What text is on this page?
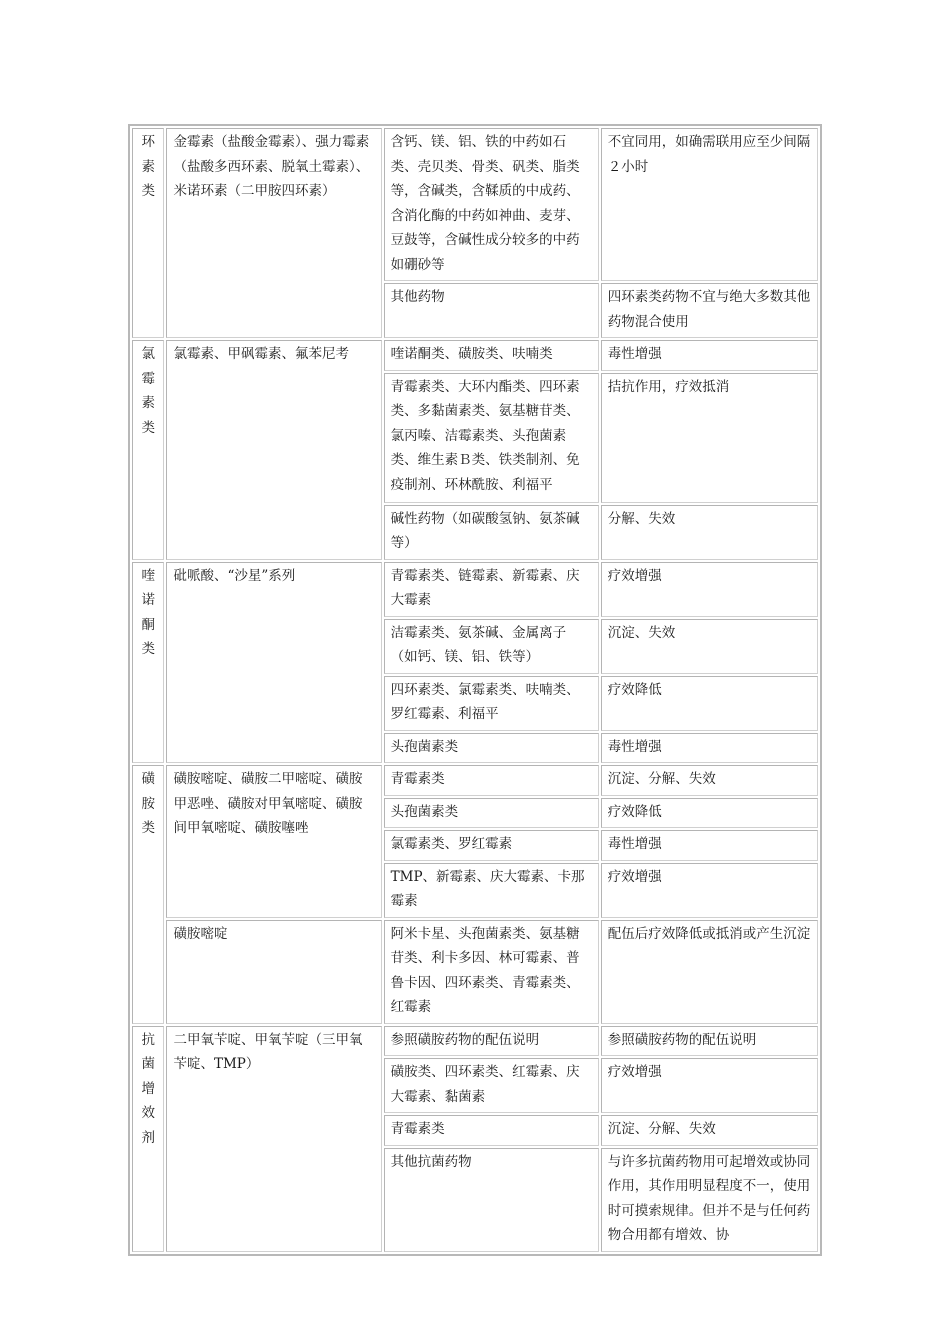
环
素
类	金霉素（盐酸金霉素）、强力霉素（盐酸多西环素、脱氧土霉素）、米诺环素（二甲胺四环素）	含钙、镁、铝、铁的中药如石类、壳贝类、骨类、矾类、脂类等，含碱类，含鞣质的中成药、含消化酶的中药如神曲、麦芽、豆鼓等，含碱性成分较多的中药如硼砂等	不宜同用，如确需联用应至少间隔２小时
		其他药物	四环素类药物不宜与绝大多数其他药物混合使用

氯
霉
素
类	氯霉素、甲砜霉素、氟苯尼考	喹诺酮类、磺胺类、呋喃类	毒性增强
		青霉素类、大环内酯类、四环素类、多黏菌素类、氨基糖苷类、氯丙嗪、洁霉素类、头孢菌素类、维生素Ｂ类、铁类制剂、免疫制剂、环林酰胺、利福平	拮抗作用，疗效抵消
		碱性药物（如碳酸氢钠、氨茶碱等）	分解、失效

喹
诺
酮
类	砒哌酸、“沙星”系列	青霉素类、链霉素、新霉素、庆大霉素	疗效增强
		洁霉素类、氨茶碱、金属离子（如钙、镁、铝、铁等）	沉淀、失效
		四环素类、氯霉素类、呋喃类、罗红霉素、利福平	疗效降低
		头孢菌素类	毒性增强

磺
胺
类	磺胺嘧啶、磺胺二甲嘧啶、磺胺甲恶唑、磺胺对甲氧嘧啶、磺胺间甲氧嘧啶、磺胺噻唑	青霉素类	沉淀、分解、失效
		头孢菌素类	疗效降低
		氯霉素类、罗红霉素	毒性增强
		TMP、新霉素、庆大霉素、卡那霉素	疗效增强
	磺胺嘧啶	阿米卡星、头孢菌素类、氨基糖苷类、利卡多因、林可霉素、普鲁卡因、四环素类、青霉素类、红霉素	配伍后疗效降低或抵消或产生沉淀

抗
菌
增
效
剂	二甲氧苄啶、甲氧苄啶（三甲氧苄啶、TMP）	参照磺胺药物的配伍说明	参照磺胺药物的配伍说明
		磺胺类、四环素类、红霉素、庆大霉素、黏菌素	疗效增强
		青霉素类	沉淀、分解、失效
		其他抗菌药物	与许多抗菌药物用可起增效或协同作用，其作用明显程度不一，使用时可摸索规律。但并不是与任何药物合用都有增效、协
